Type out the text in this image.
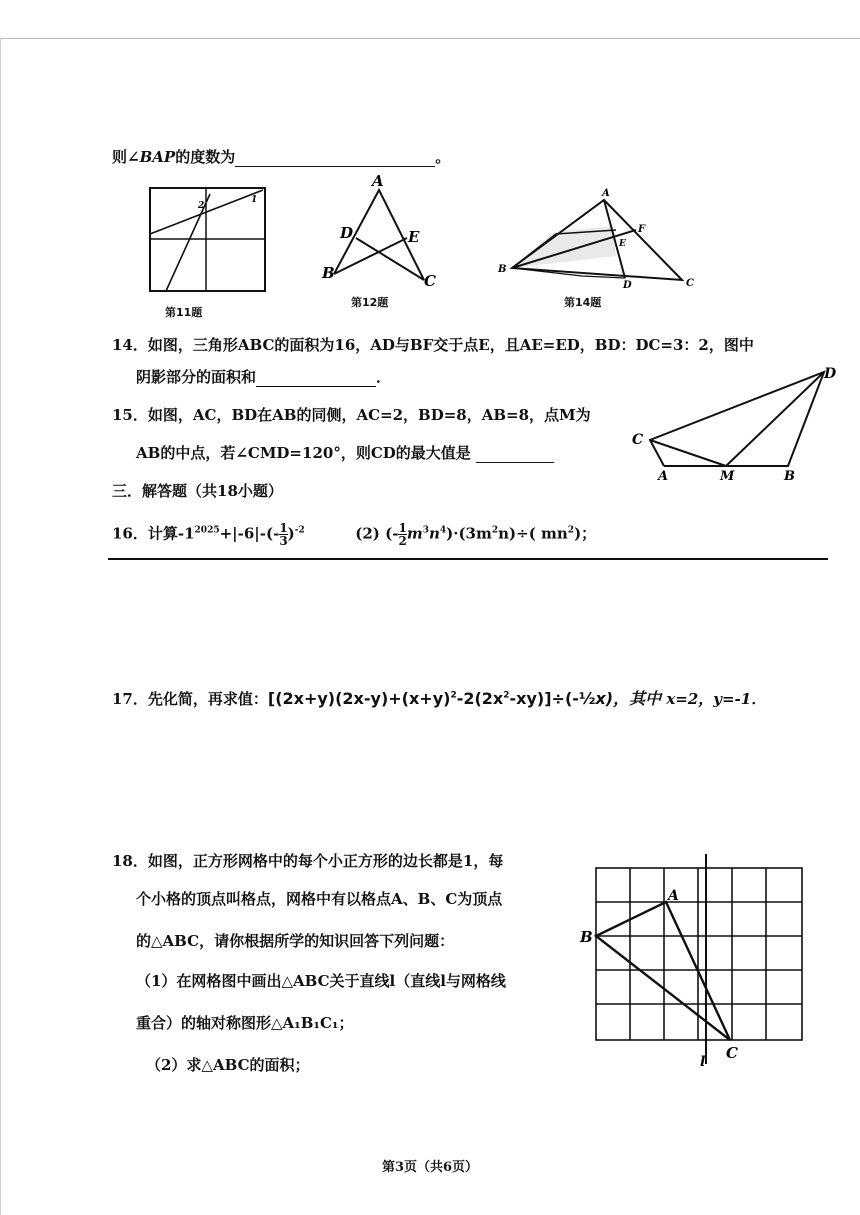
则∠BAP的度数为	。
2
1
第11题
A
D	E
B	C
第12题
A
F
E
B
D	C
第14题
14．如图，三角形ABC的面积为16，AD与BF交于点E，且AE=ED，BD：DC=3：2，图中
阴影部分的面积和	．
15．如图，AC，BD在AB的同侧，AC=2，BD=8，AB=8，点M为
AB的中点，若∠CMD=120°，则CD的最大值是
D
C
A	M	B
三．解答题（共18小题）
16．计算$-1^{2025}+|-6|-(-\frac{1}{3})^{-2}$	(2) $(-\frac{1}{2}m^3n^4)\cdot(3m^2n)\div$( $mn^2$)；
17．先化简，再求值：$[(2x+y)(2x-y)+(x+y)^2-2(2x^2-xy)]\div(-\frac{1}{2}x)$，其中 x=2，y=-1．
18．如图，正方形网格中的每个小正方形的边长都是1，每
个小格的顶点叫格点，网格中有以格点A、B、C为顶点
的△ABC，请你根据所学的知识回答下列问题：
（1）在网格图中画出△ABC关于直线l（直线l与网格线
重合）的轴对称图形△A₁B₁C₁；
（2）求△ABC的面积；
A
B
C
l
第3页（共6页）
